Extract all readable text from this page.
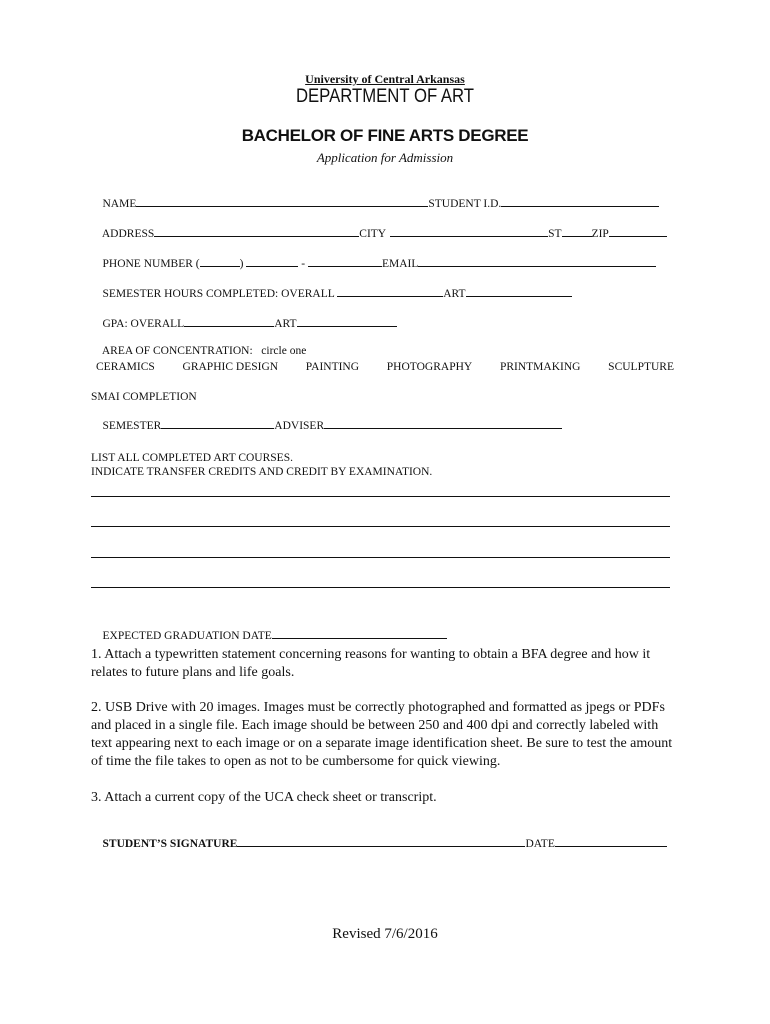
University of Central Arkansas
DEPARTMENT OF ART
BACHELOR OF FINE ARTS DEGREE
Application for Admission

NAME	STUDENT I.D.

ADDRESS	CITY	ST	ZIP

PHONE NUMBER (	)	-	EMAIL

SEMESTER HOURS COMPLETED: OVERALL	ART

GPA: OVERALL	ART

AREA OF CONCENTRATION: circle one

CERAMICS GRAPHIC DESIGN PAINTING PHOTOGRAPHY PRINTMAKING SCULPTURE
SMAI COMPLETION

SEMESTER	ADVISER

LIST ALL COMPLETED ART COURSES.
INDICATE TRANSFER CREDITS AND CREDIT BY EXAMINATION.

EXPECTED GRADUATION DATE

1. Attach a typewritten statement concerning reasons for wanting to obtain a BFA degree and how it relates to future plans and life goals.
2. USB Drive with 20 images. Images must be correctly photographed and formatted as jpegs or PDFs and placed in a single file. Each image should be between 250 and 400 dpi and correctly labeled with text appearing next to each image or on a separate image identification sheet. Be sure to test the amount of time the file takes to open as not to be cumbersome for quick viewing.
3. Attach a current copy of the UCA check sheet or transcript.

STUDENT’S SIGNATURE	DATE

Revised 7/6/2016
